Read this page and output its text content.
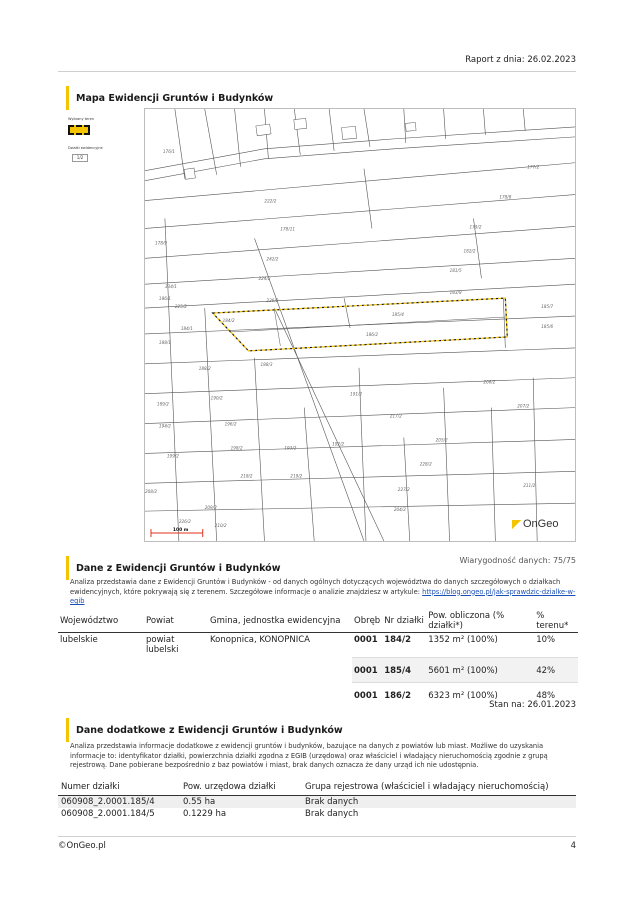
Raport z dnia: 26.02.2023
Mapa Ewidencji Gruntów i Budynków
Wybrany teren
Działki ewidencyjne
1/2
184/2
185/4
186/2
185/7
185/6
183/8
181/5
182/2
179/2
178/8
177/2
176/1
188/1
188/2
188/3
186/1
184/1
225/2
226/2
224/2
242/2
334/1
178/9
178/11
222/2
189/2
191/2
190/2
194/2	196/2
198/2
199/2
193/2
192/2
217/2
218/2	219/2
227/2
226/2
228/2
204/2
205/2
206/2
207/2
208/2
209/2
210/2
211/2
100 m
OnGeo
Dane z Ewidencji Gruntów i Budynków
Wiarygodność danych: 75/75
Analiza przedstawia dane z Ewidencji Gruntów i Budynków - od danych ogólnych dotyczących województwa do danych szczegółowych o działkach ewidencyjnych, które pokrywają się z terenem. Szczegółowe informacje o analizie znajdziesz w artykule: https://blog.ongeo.pl/jak-sprawdzic-dzialke-w-egib
Województwo	Powiat	Gmina, jednostka ewidencyjna	Obręb	Nr działki	Pow. obliczona (% działki*)	% terenu*
lubelskie	powiat lubelski	Konopnica, KONOPNICA	0001	184/2	1352 m² (100%)	10%
			0001	185/4	5601 m² (100%)	42%
			0001	186/2	6323 m² (100%)	48%
Stan na: 26.01.2023
Dane dodatkowe z Ewidencji Gruntów i Budynków
Analiza przedstawia informacje dodatkowe z ewidencji gruntów i budynków, bazujące na danych z powiatów lub miast. Możliwe do uzyskania informacje to: identyfikator działki, powierzchnia działki zgodna z EGIB (urzędowa) oraz właściciel i władający nieruchomością zgodnie z grupą rejestrową. Dane pobierane bezpośrednio z baz powiatów i miast, brak danych oznacza że dany urząd ich nie udostępnia.
Numer działki	Pow. urzędowa działki	Grupa rejestrowa (właściciel i władający nieruchomością)
060908_2.0001.185/4	0.55 ha	Brak danych
060908_2.0001.184/5	0.1229 ha	Brak danych
©OnGeo.pl	4
